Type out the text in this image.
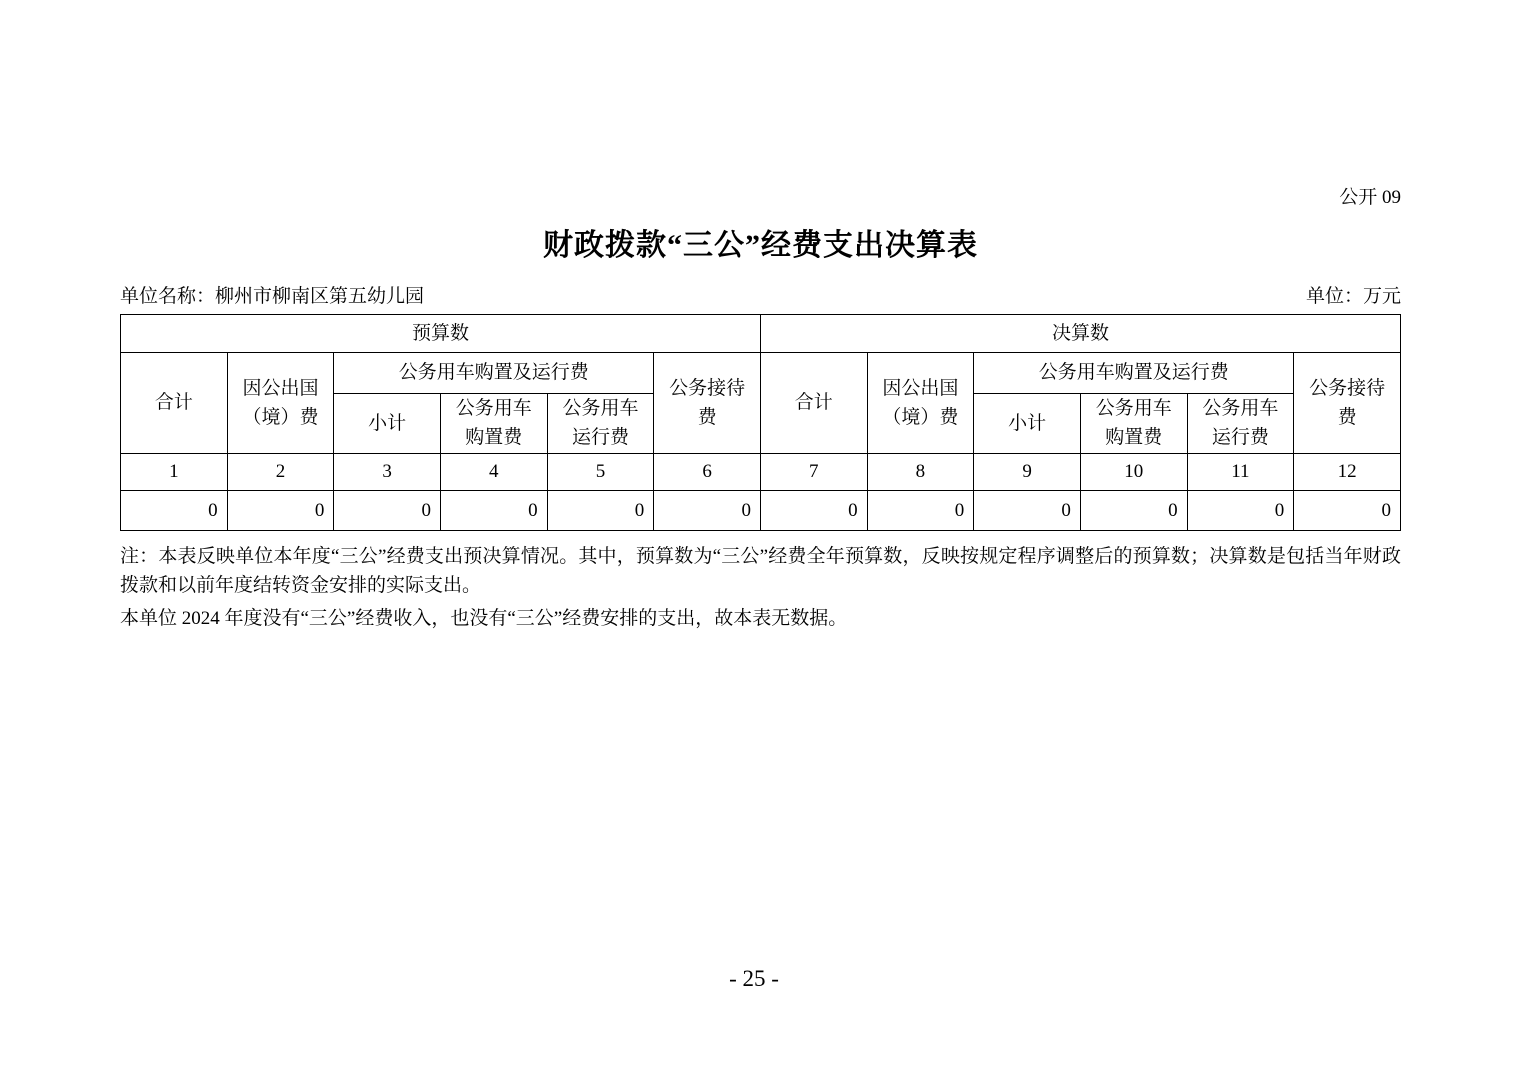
公开 09
财政拨款“三公”经费支出决算表
单位名称：柳州市柳南区第五幼儿园	单位：万元
预算数						决算数					
合计	因公出国（境）费	公务用车购置及运行费			公务接待费	合计	因公出国（境）费	公务用车购置及运行费			公务接待费
		小计	公务用车购置费	公务用车运行费				小计	公务用车购置费	公务用车运行费	
1	2	3	4	5	6	7	8	9	10	11	12
0	0	0	0	0	0	0	0	0	0	0	0

注：本表反映单位本年度“三公”经费支出预决算情况。其中，预算数为“三公”经费全年预算数，反映按规定程序调整后的预算数；决算数是包括当年财政拨款和以前年度结转资金安排的实际支出。

本单位 2024 年度没有“三公”经费收入，也没有“三公”经费安排的支出，故本表无数据。

- 25 -
